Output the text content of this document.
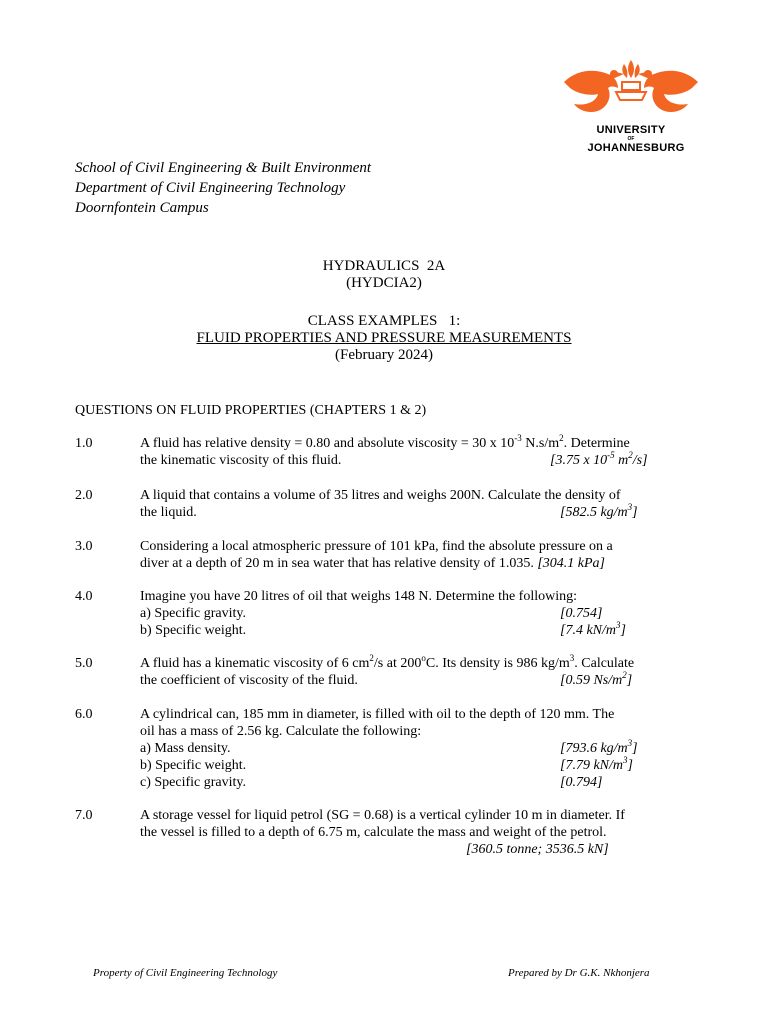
UNIVERSITY
OF
JOHANNESBURG
School of Civil Engineering & Built Environment
Department of Civil Engineering Technology
Doornfontein Campus
HYDRAULICS  2A
(HYDCIA2)
CLASS EXAMPLES   1:
FLUID PROPERTIES AND PRESSURE MEASUREMENTS
(February 2024)
QUESTIONS ON FLUID PROPERTIES (CHAPTERS 1 & 2)
1.0	A fluid has relative density = 0.80 and absolute viscosity = 30 x $10^{-3}$ $N.s/m^2$. Determine
the kinematic viscosity of this fluid.	[3.75 x $10^{-5}$ $m^2/s$]
2.0	A liquid that contains a volume of 35 litres and weighs 200N. Calculate the density of
the liquid.	[582.5 $kg/m^3$]
3.0	Considering a local atmospheric pressure of 101 kPa, find the absolute pressure on a
diver at a depth of 20 m in sea water that has relative density of 1.035. [304.1 kPa]
4.0	Imagine you have 20 litres of oil that weighs 148 N. Determine the following:
a) Specific gravity.	[0.754]
b) Specific weight.	[7.4 $kN/m^3$]
5.0	A fluid has a kinematic viscosity of 6 $cm^2/s$ at 200$^o$C. Its density is 986 $kg/m^3$. Calculate
the coefficient of viscosity of the fluid.	[0.59 $Ns/m^2$]
6.0	A cylindrical can, 185 mm in diameter, is filled with oil to the depth of 120 mm. The
oil has a mass of 2.56 kg. Calculate the following:
a) Mass density.	[793.6 $kg/m^3$]
b) Specific weight.	[7.79 $kN/m^3$]
c) Specific gravity.	[0.794]
7.0	A storage vessel for liquid petrol (SG = 0.68) is a vertical cylinder 10 m in diameter. If
the vessel is filled to a depth of 6.75 m, calculate the mass and weight of the petrol.
[360.5 tonne; 3536.5 kN]
Property of Civil Engineering Technology	Prepared by Dr G.K. Nkhonjera
